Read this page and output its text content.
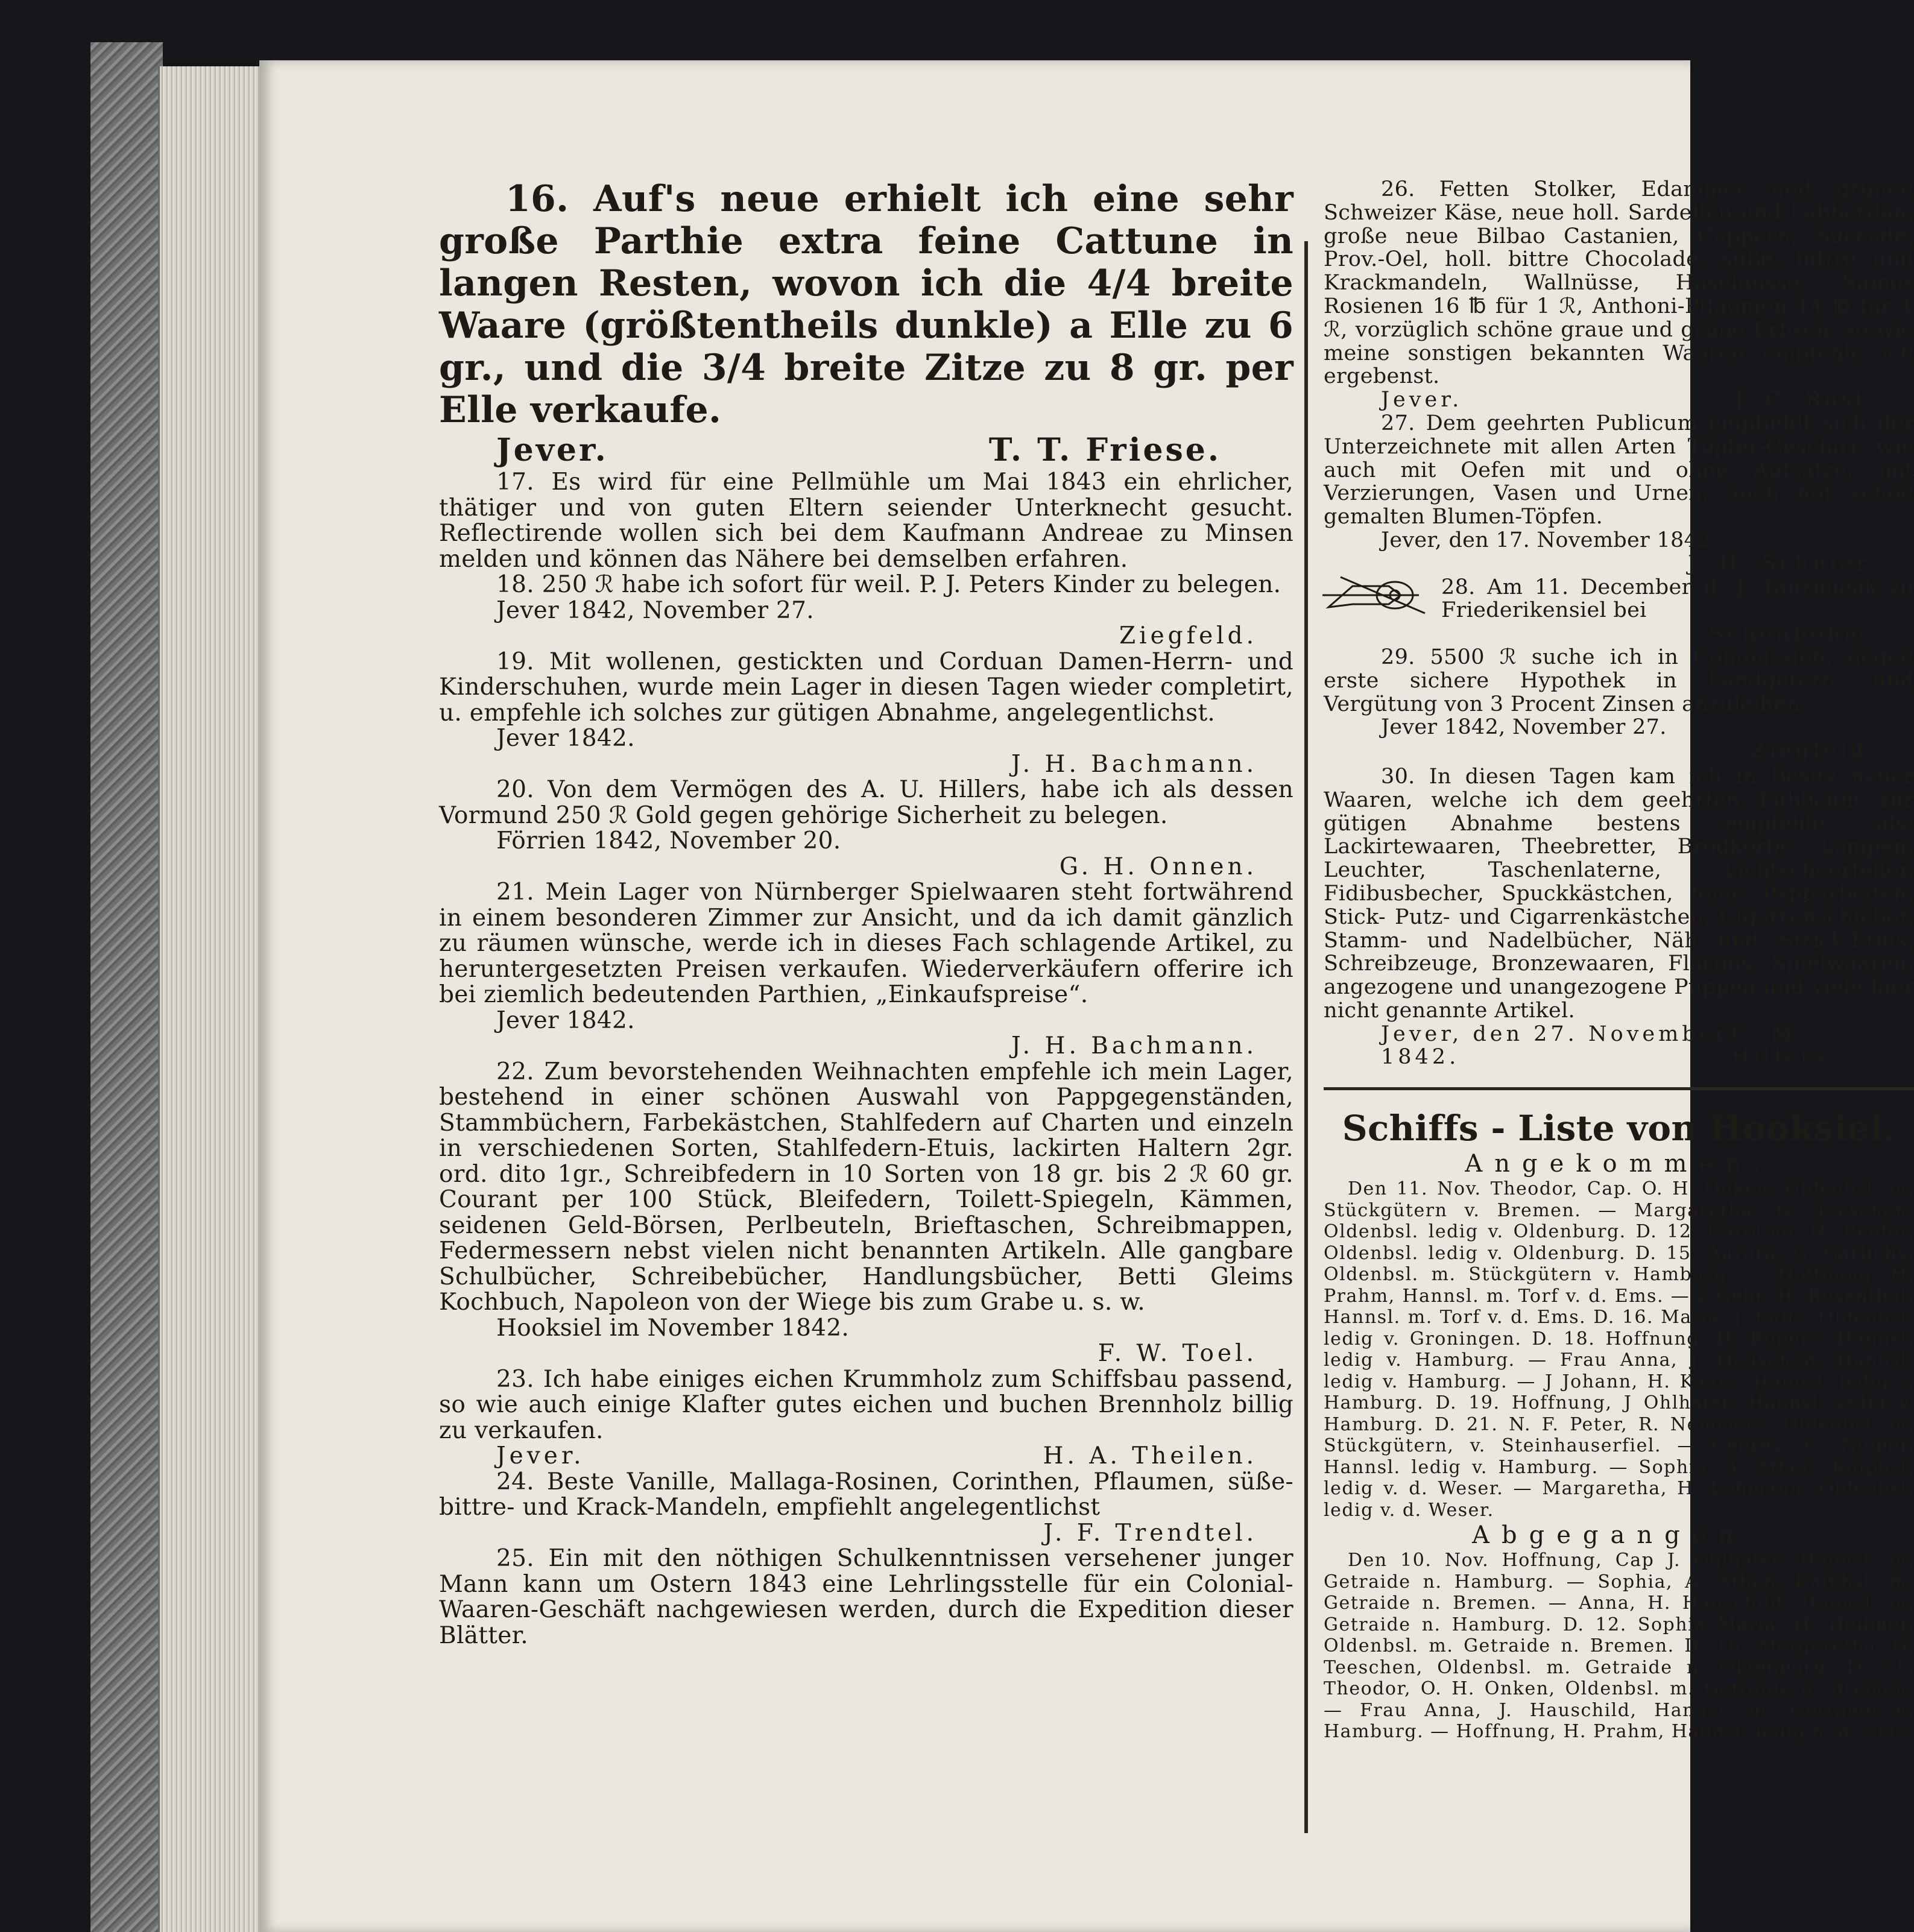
16. Auf's neue erhielt ich eine sehr große Parthie extra feine Cattune in langen Resten, wovon ich die 4/4 breite Waare (größtentheils dunkle) a Elle zu 6 gr., und die 3/4 breite Zitze zu 8 gr. per Elle verkaufe.

Jever.	T. T. Friese.

17. Es wird für eine Pellmühle um Mai 1843 ein ehrlicher, thätiger und von guten Eltern seiender Unterknecht gesucht. Reflectirende wollen sich bei dem Kaufmann Andreae zu Minsen melden und können das Nähere bei demselben erfahren.

18. 250 ℛ habe ich sofort für weil. P. J. Peters Kinder zu belegen.

Jever 1842, November 27.
Ziegfeld.

19. Mit wollenen, gestickten und Corduan Damen-Herrn- und Kinderschuhen, wurde mein Lager in diesen Tagen wieder completirt, u. empfehle ich solches zur gütigen Abnahme, angelegentlichst.

Jever 1842.
J. H. Bachmann.

20. Von dem Vermögen des A. U. Hillers, habe ich als dessen Vormund 250 ℛ Gold gegen gehörige Sicherheit zu belegen.

Förrien 1842, November 20.
G. H. Onnen.

21. Mein Lager von Nürnberger Spielwaaren steht fortwährend in einem besonderen Zimmer zur Ansicht, und da ich damit gänzlich zu räumen wünsche, werde ich in dieses Fach schlagende Artikel, zu heruntergesetzten Preisen verkaufen. Wiederverkäufern offerire ich bei ziemlich bedeutenden Parthien, „Einkaufspreise“.

Jever 1842.
J. H. Bachmann.

22. Zum bevorstehenden Weihnachten empfehle ich mein Lager, bestehend in einer schönen Auswahl von Pappgegenständen, Stammbüchern, Farbekästchen, Stahlfedern auf Charten und einzeln in verschiedenen Sorten, Stahlfedern-Etuis, lackirten Haltern 2gr. ord. dito 1gr., Schreibfedern in 10 Sorten von 18 gr. bis 2 ℛ 60 gr. Courant per 100 Stück, Bleifedern, Toilett-Spiegeln, Kämmen, seidenen Geld-Börsen, Perlbeuteln, Brieftaschen, Schreibmappen, Federmessern nebst vielen nicht benannten Artikeln. Alle gangbare Schulbücher, Schreibebücher, Handlungsbücher, Betti Gleims Kochbuch, Napoleon von der Wiege bis zum Grabe u. s. w.

Hooksiel im November 1842.
F. W. Toel.

23. Ich habe einiges eichen Krummholz zum Schiffsbau passend, so wie auch einige Klafter gutes eichen und buchen Brennholz billig zu verkaufen.

Jever.	H. A. Theilen.

24. Beste Vanille, Mallaga-Rosinen, Corinthen, Pflaumen, süße- bittre- und Krack-Mandeln, empfiehlt angelegentlichst

J. F. Trendtel.

25. Ein mit den nöthigen Schulkenntnissen versehener junger Mann kann um Ostern 1843 eine Lehrlingsstelle für ein Colonial-Waaren-Geschäft nachgewiesen werden, durch die Expedition dieser Blätter.

26. Fetten Stolker, Edammer und grünen Schweizer Käse, neue holl. Sardellen und Labberdan, große neue Bilbao Castanien, Cappern, Succade, Prov.-Oel, holl. bittre Chocolade, süße, bittre und Krackmandeln, Wallnüsse, Haselnüsse, Samos Rosienen 16 ℔ für 1 ℛ, Anthoni-Pflaumen 14 ℔ für 1 ℛ, vorzüglich schöne graue und grüne Erbsen, so wie meine sonstigen bekannten Waaren empfehle ich ergebenst.

Jever.	J. C. Rost.

27. Dem geehrten Publicum empfiehlt sich der Unterzeichnete mit allen Arten Töpfer-Geschirr, wie auch mit Oefen mit und ohne Aufsätze, mit Verzierungen, Vasen und Urnen, auch mit schön gemalten Blumen-Töpfen.

Jever, den 17. November 1842.
J. H. Schnier.

28. Am 11. December d. J. Tanzmusik zu Friederikensiel bei

Schönbohm.

29. 5500 ℛ suche ich in Commission, gegen erste sichere Hypothek in Landgütern, und Vergütung von 3 Procent Zinsen anzuleihen.

Jever 1842, November 27.
Ziegfeld.

30. In diesen Tagen kam ich in Besitz neuer Waaren, welche ich dem geehrten Publicum zur gütigen Abnahme bestens empfehle, als: Lackirtewaaren, Theebretter, Brodkörbe, Lampen, Leuchter, Taschenlaterne, Lichtscheerteller, Fidibusbecher, Spuckkästchen, feine Papparbeiten, Stick- Putz- und Cigarrenkästchen, Cigarrenschieber, Stamm- und Nadelbücher, Näh und Strick-Etuis, Schreibzeuge, Bronzewaaren, Flacons, Spielwaaren, angezogene und unangezogene Puppen und viele hier nicht genannte Artikel.

Jever, den 27. November 1842.
C. M Hillers.
Schiffs - Liste von Hooksiel.
Angekommen.

Den 11. Nov. Theodor, Cap. O. H. Onken. Oldenbsl. m. Stückgütern v. Bremen. — Margaretha, G. Teeschen, Oldenbsl. ledig v. Oldenburg. D. 12. Caroline. H. Reefer, Oldenbsl. ledig v. Oldenburg. D. 15. Aurora, G. Garlichs, Oldenbsl. m. Stückgütern v. Hamburg. — Hoffnung, H. Prahm, Hannsl. m. Torf v. d. Ems. — 2 Gebr. H. Rosenthal, Hannsl. m. Torf v. d. Ems. D. 16. Maria, J. Fulfs, Oldenbsl. ledig v. Groningen. D. 18. Hoffnung, H. Ropers, Hannsl. ledig v. Hamburg. — Frau Anna, J. Hauschild, Hannsl. ledig v. Hamburg. — J Johann, H. Kaars, Hannsl. ledig v. Hamburg. D. 19. Hoffnung, J Ohlhafer, Hannsl. ledig v. Hamburg. D. 21. N. F. Peter, R. Nemmers, Oldenbsl. m. Stückgütern, v. Steinhauserfiel. — Ceeres, C. Nieper, Hannsl. ledig v. Hamburg. — Sophia, A. Athen, Kniphsl. ledig v. d. Weser. — Margaretha, H. Lohmann, Oldenbsl. ledig v. d. Weser.

Abgegangen.

Den 10. Nov. Hoffnung, Cap J. Ohlhafer, Hannsl. m. Getraide n. Hamburg. — Sophia, A. Athen, Kniphsl. m. Getraide n. Bremen. — Anna, H. Hauschild, Hannsl. m. Getraide n. Hamburg. D. 12. Sophia Maria, H. Heibner, Oldenbsl. m. Getraide n. Bremen. D. 18. Margaretha, G. Teeschen, Oldenbsl. m. Getraide n. Oldenburg. D. 21. Theodor, O. H. Onken, Oldenbsl. m. Getraide n. Bremen. — Frau Anna, J. Hauschild, Hannsl. m. Getraide n. Hamburg. — Hoffnung, H. Prahm, Hannsl. ledig n. d. Ems.
